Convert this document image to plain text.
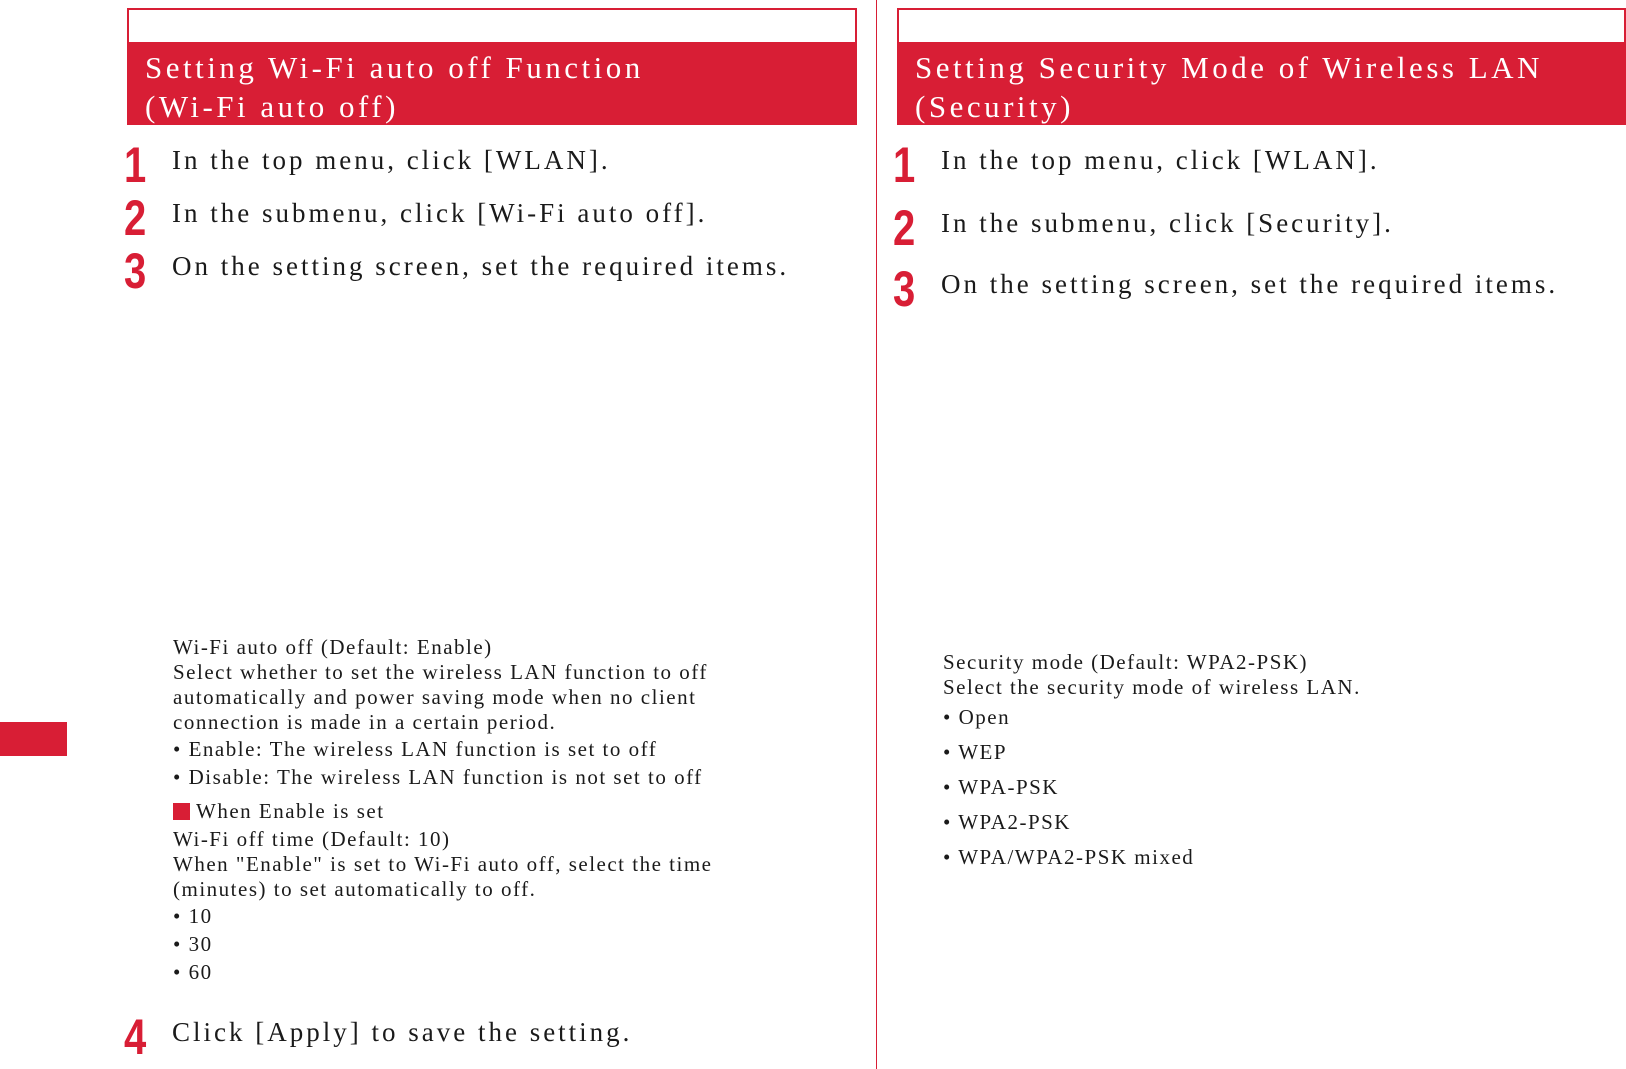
Setting Wi-Fi auto off Function
(Wi-Fi auto off)
1 In the top menu, click [WLAN].
2 In the submenu, click [Wi-Fi auto off].
3 On the setting screen, set the required items.
Wi-Fi auto off (Default: Enable)
Select whether to set the wireless LAN function to off
automatically and power saving mode when no client
connection is made in a certain period.
• Enable: The wireless LAN function is set to off
• Disable: The wireless LAN function is not set to off
When Enable is set
Wi-Fi off time (Default: 10)
When "Enable" is set to Wi-Fi auto off, select the time
(minutes) to set automatically to off.
• 10
• 30
• 60
4 Click [Apply] to save the setting.
Setting Security Mode of Wireless LAN
(Security)
1 In the top menu, click [WLAN].
2 In the submenu, click [Security].
3 On the setting screen, set the required items.
Security mode (Default: WPA2-PSK)
Select the security mode of wireless LAN.
• Open
• WEP
• WPA-PSK
• WPA2-PSK
• WPA/WPA2-PSK mixed
